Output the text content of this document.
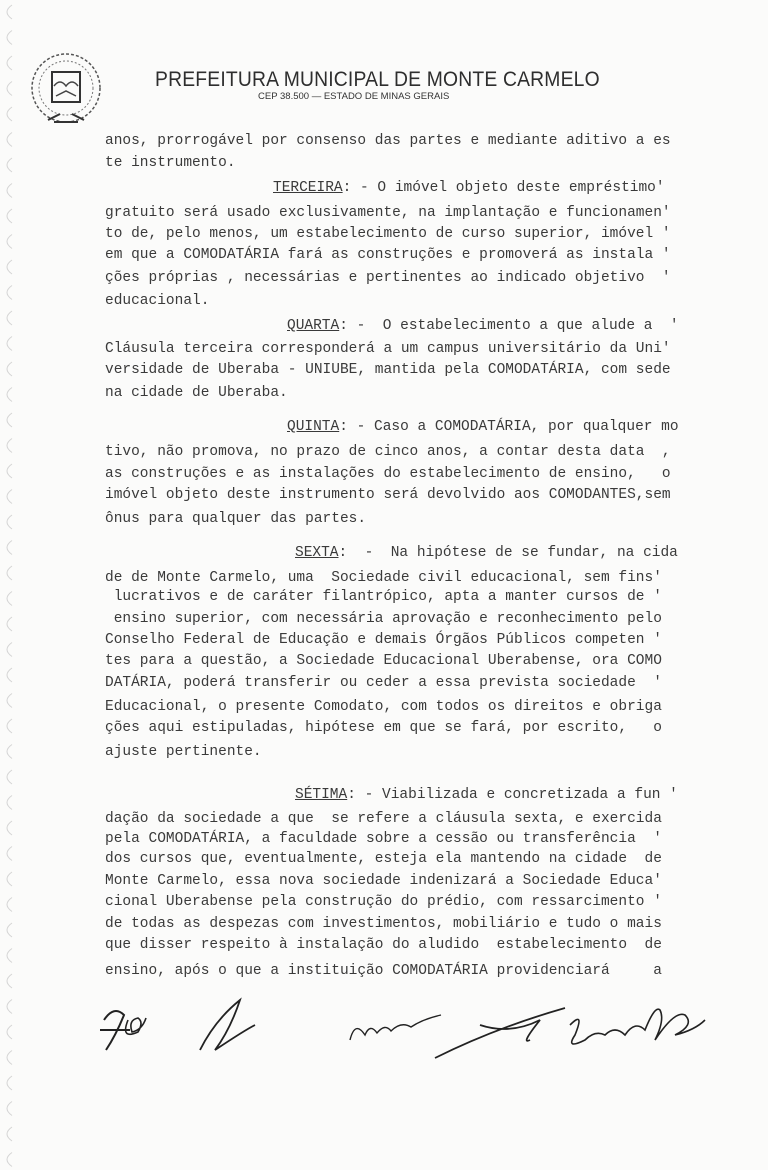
PREFEITURA MUNICIPAL DE MONTE CARMELO
CEP 38.500 — ESTADO DE MINAS GERAIS
anos, prorrogável por consenso das partes e mediante aditivo a es
te instrumento.
TERCEIRA: - O imóvel objeto deste empréstimo'
gratuito será usado exclusivamente, na implantação e funcionamen'
to de, pelo menos, um estabelecimento de curso superior, imóvel '
em que a COMODATÁRIA fará as construções e promoverá as instala '
ções próprias , necessárias e pertinentes ao indicado objetivo  '
educacional.
QUARTA: -  O estabelecimento a que alude a  '
Cláusula terceira corresponderá a um campus universitário da Uni'
versidade de Uberaba - UNIUBE, mantida pela COMODATÁRIA, com sede
na cidade de Uberaba.
QUINTA: - Caso a COMODATÁRIA, por qualquer mo
tivo, não promova, no prazo de cinco anos, a contar desta data  ,
as construções e as instalações do estabelecimento de ensino,   o
imóvel objeto deste instrumento será devolvido aos COMODANTES,sem
ônus para qualquer das partes.
SEXTA:  -  Na hipótese de se fundar, na cida
de de Monte Carmelo, uma  Sociedade civil educacional, sem fins'
lucrativos e de caráter filantrópico, apta a manter cursos de '
ensino superior, com necessária aprovação e reconhecimento pelo
Conselho Federal de Educação e demais Órgãos Públicos competen '
tes para a questão, a Sociedade Educacional Uberabense, ora COMO
DATÁRIA, poderá transferir ou ceder a essa prevista sociedade  '
Educacional, o presente Comodato, com todos os direitos e obriga
ções aqui estipuladas, hipótese em que se fará, por escrito,   o
ajuste pertinente.
SÉTIMA: - Viabilizada e concretizada a fun '
dação da sociedade a que  se refere a cláusula sexta, e exercida
pela COMODATÁRIA, a faculdade sobre a cessão ou transferência  '
dos cursos que, eventualmente, esteja ela mantendo na cidade  de
Monte Carmelo, essa nova sociedade indenizará a Sociedade Educa'
cional Uberabense pela construção do prédio, com ressarcimento '
de todas as despezas com investimentos, mobiliário e tudo o mais
que disser respeito à instalação do aludido  estabelecimento  de
ensino, após o que a instituição COMODATÁRIA providenciará     a
